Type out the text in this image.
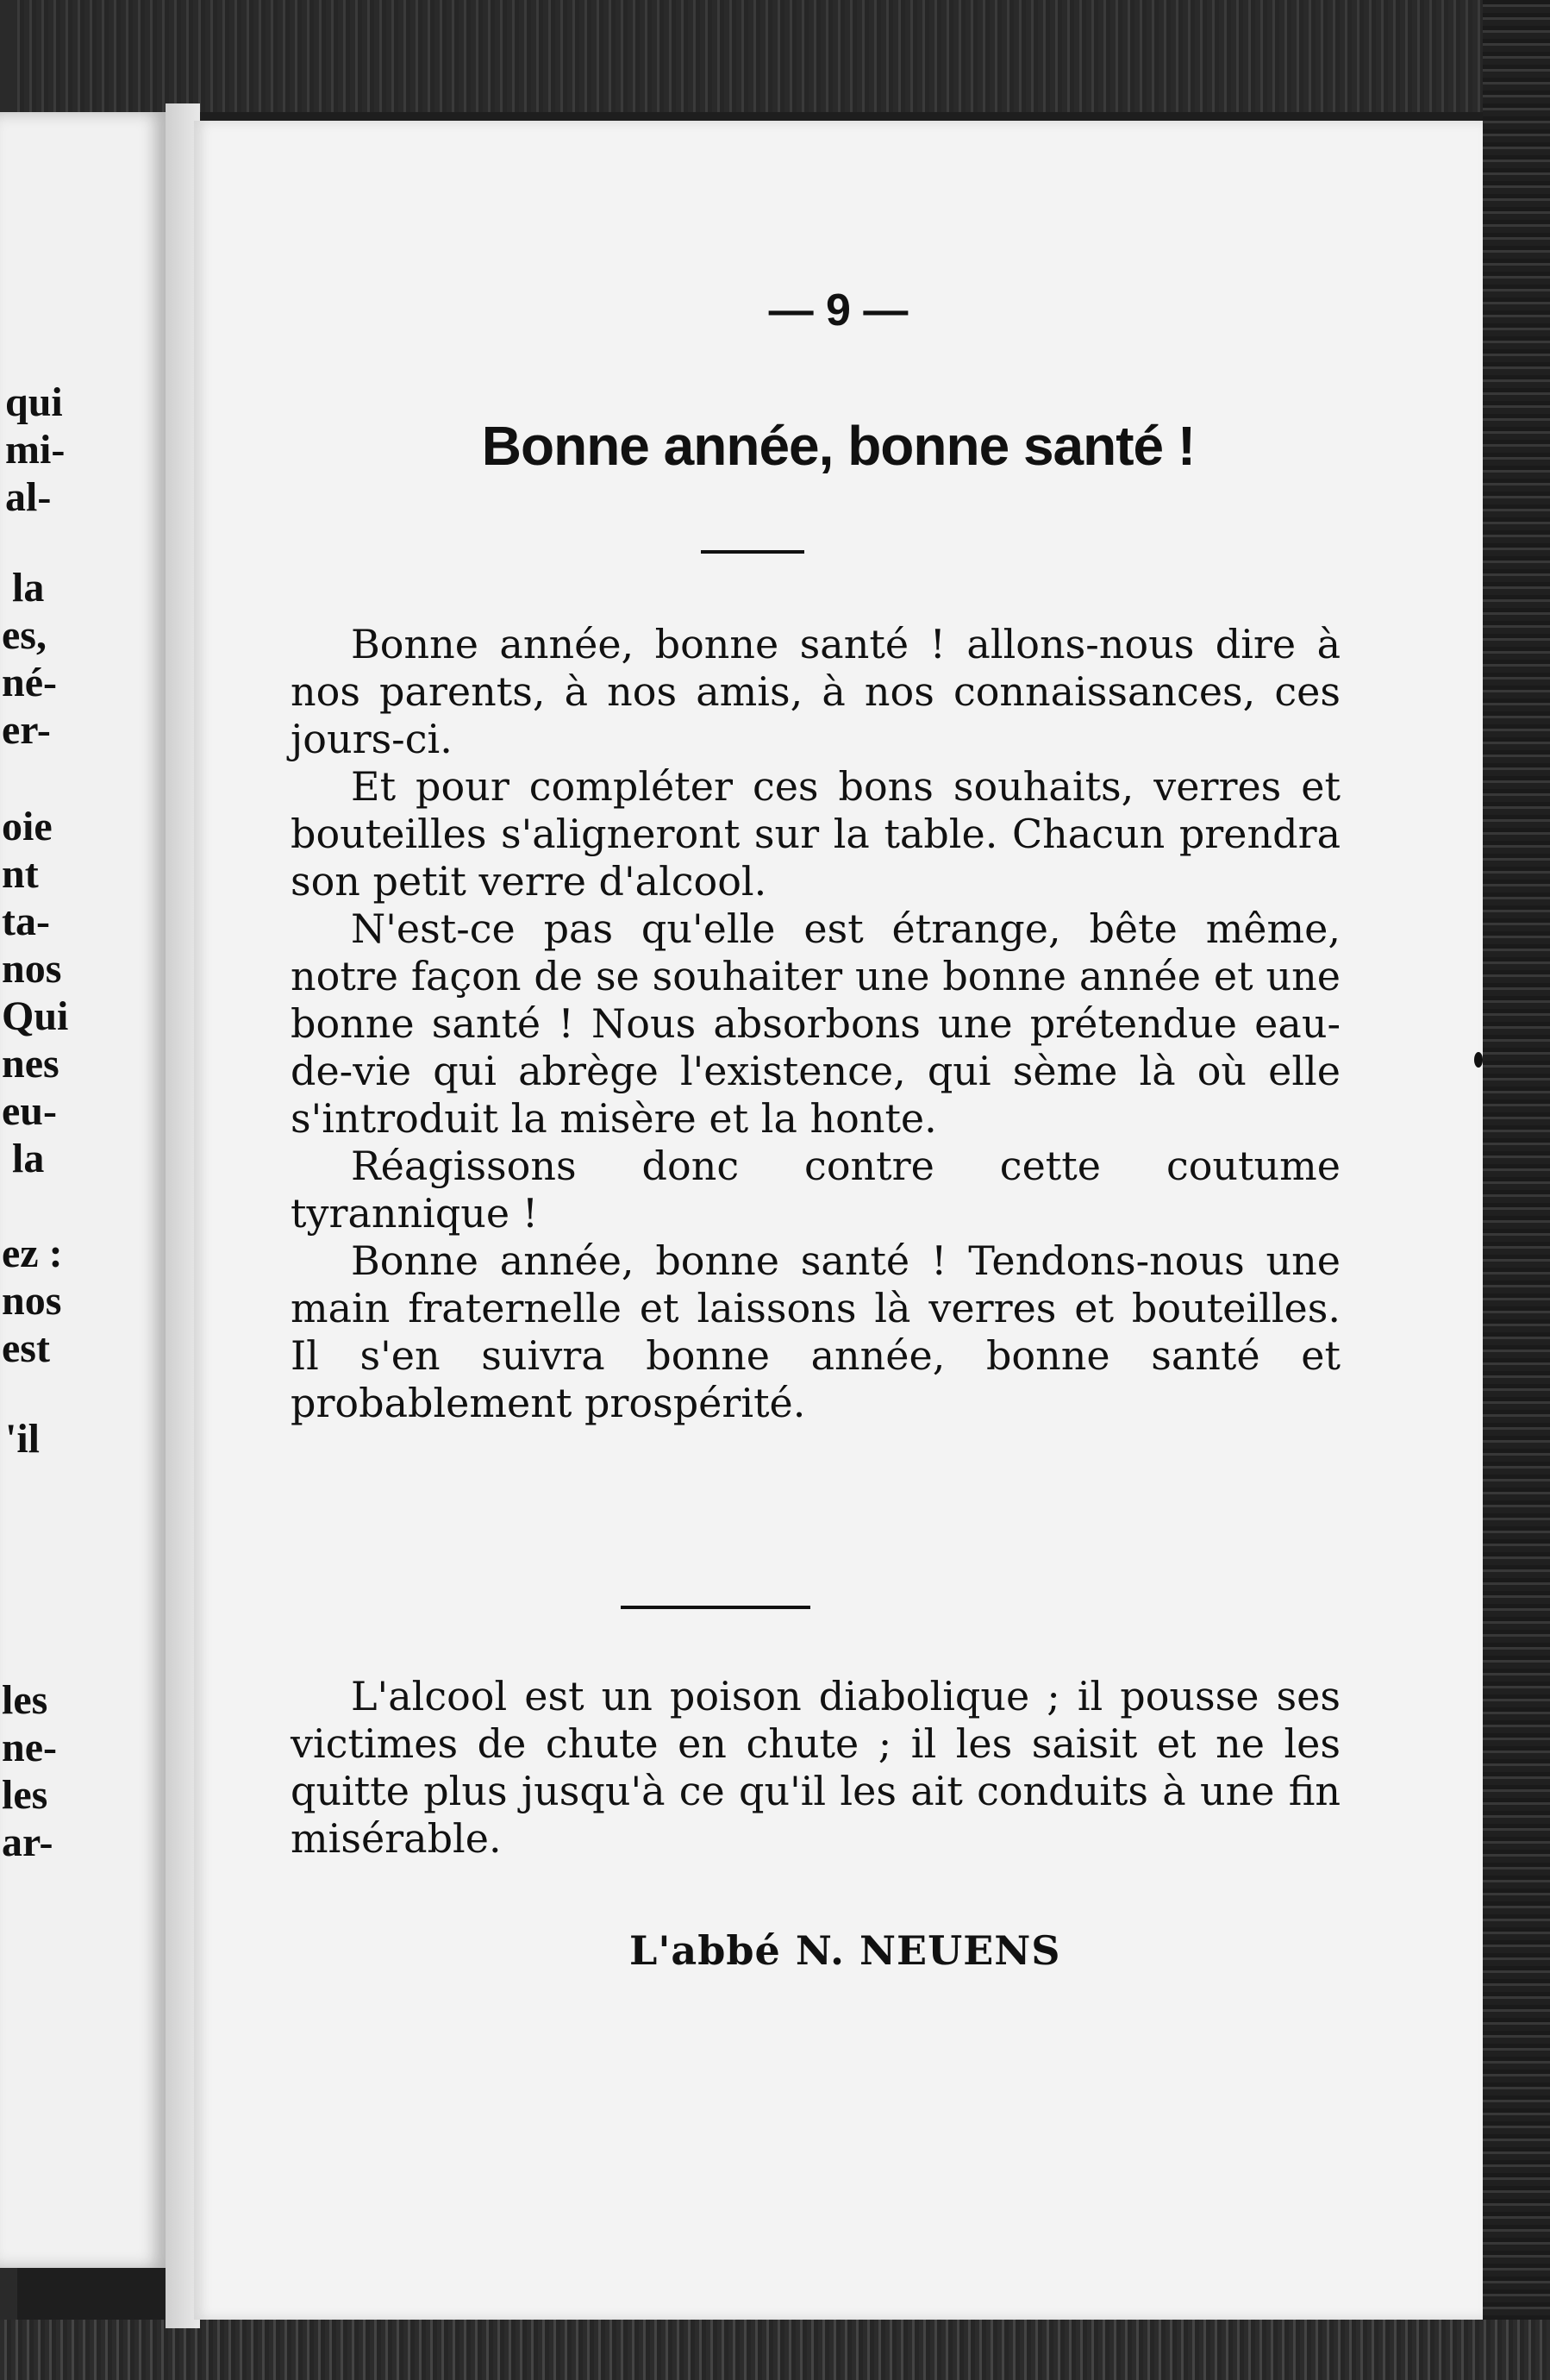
qui
mi-
al-
la
es,
né-
er-
oie
nt
ta-
nos
Qui
nes
eu-
la
ez :
nos
est
'il
les
ne-
les
ar-
— 9 —
Bonne année, bonne santé !

Bonne année, bonne santé ! allons-nous dire à nos parents, à nos amis, à nos connaissances, ces jours-ci.

Et pour compléter ces bons souhaits, verres et bouteilles s'aligneront sur la table. Chacun prendra son petit verre d'alcool.

N'est-ce pas qu'elle est étrange, bête même, notre façon de se souhaiter une bonne année et une bonne santé ! Nous absorbons une prétendue eau-de-vie qui abrège l'existence, qui sème là où elle s'introduit la misère et la honte.

Réagissons donc contre cette coutume tyrannique !

Bonne année, bonne santé ! Tendons-nous une main fraternelle et laissons là verres et bouteilles. Il s'en suivra bonne année, bonne santé et probablement prospérité.

L'alcool est un poison diabolique ; il pousse ses victimes de chute en chute ; il les saisit et ne les quitte plus jusqu'à ce qu'il les ait conduits à une fin misérable.

L'abbé N. NEUENS
